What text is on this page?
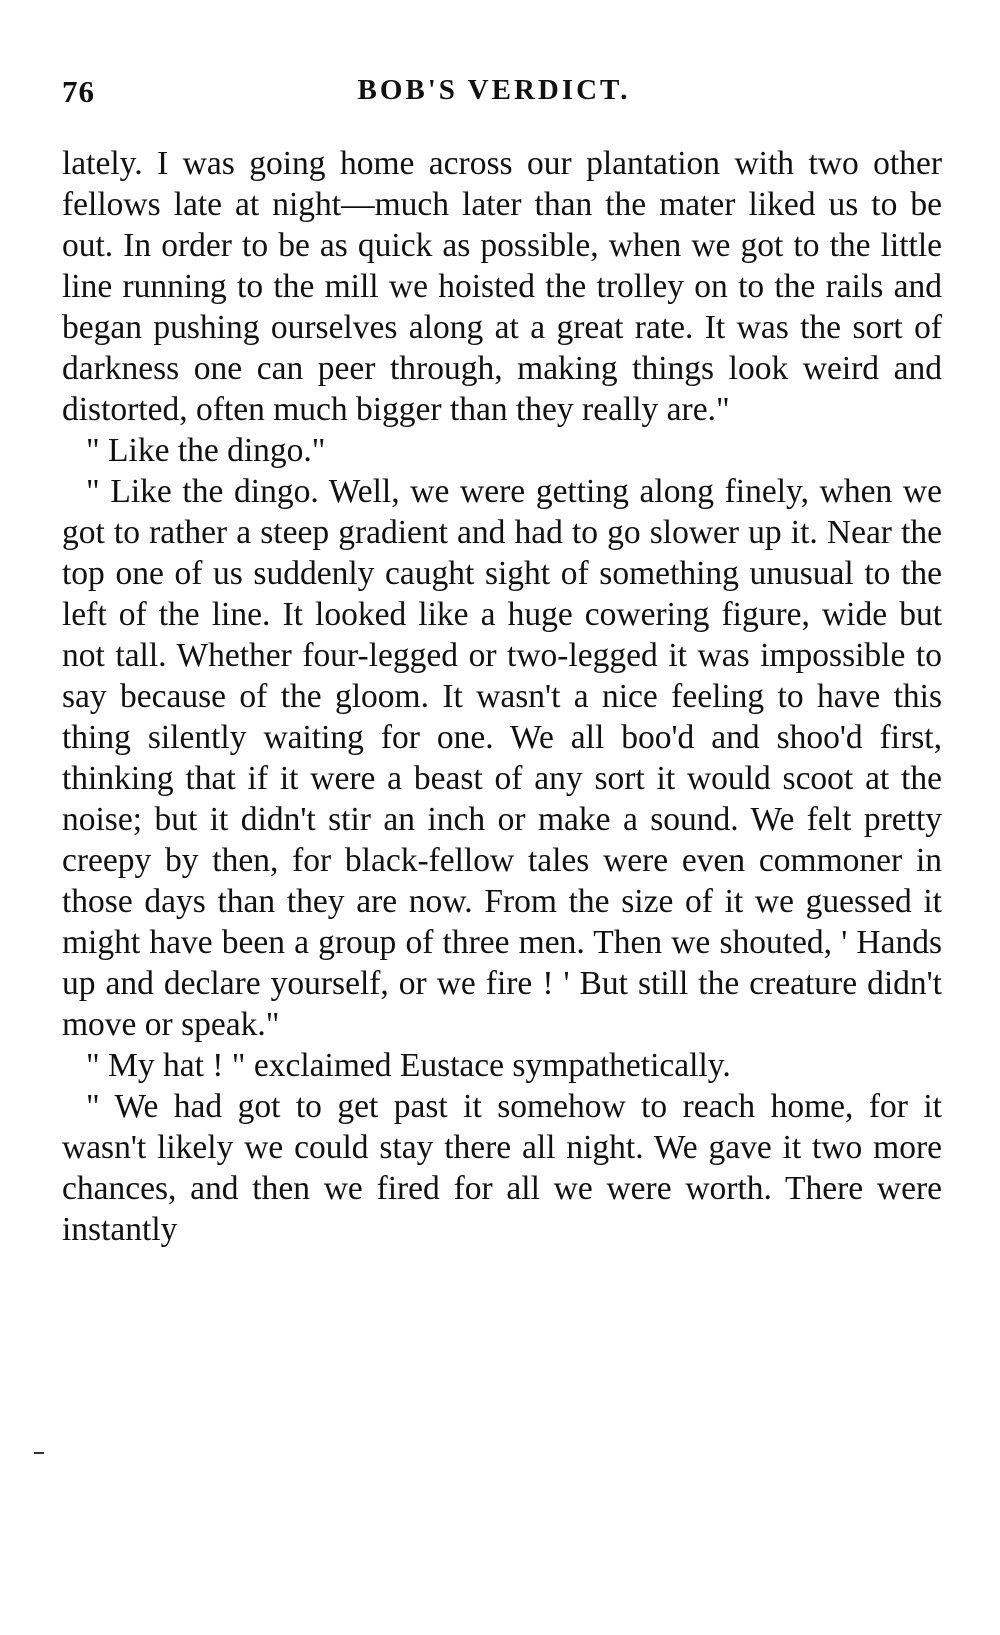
76	BOB'S VERDICT.

lately. I was going home across our plantation with two other fellows late at night—much later than the mater liked us to be out. In order to be as quick as possible, when we got to the little line running to the mill we hoisted the trolley on to the rails and began pushing ourselves along at a great rate. It was the sort of darkness one can peer through, making things look weird and distorted, often much bigger than they really are."

" Like the dingo."

" Like the dingo. Well, we were getting along finely, when we got to rather a steep gradient and had to go slower up it. Near the top one of us suddenly caught sight of something unusual to the left of the line. It looked like a huge cowering figure, wide but not tall. Whether four-legged or two-legged it was impossible to say because of the gloom. It wasn't a nice feeling to have this thing silently waiting for one. We all boo'd and shoo'd first, thinking that if it were a beast of any sort it would scoot at the noise; but it didn't stir an inch or make a sound. We felt pretty creepy by then, for black-fellow tales were even commoner in those days than they are now. From the size of it we guessed it might have been a group of three men. Then we shouted, ' Hands up and declare yourself, or we fire ! ' But still the creature didn't move or speak."

" My hat ! " exclaimed Eustace sympathetically.

" We had got to get past it somehow to reach home, for it wasn't likely we could stay there all night. We gave it two more chances, and then we fired for all we were worth. There were instantly
